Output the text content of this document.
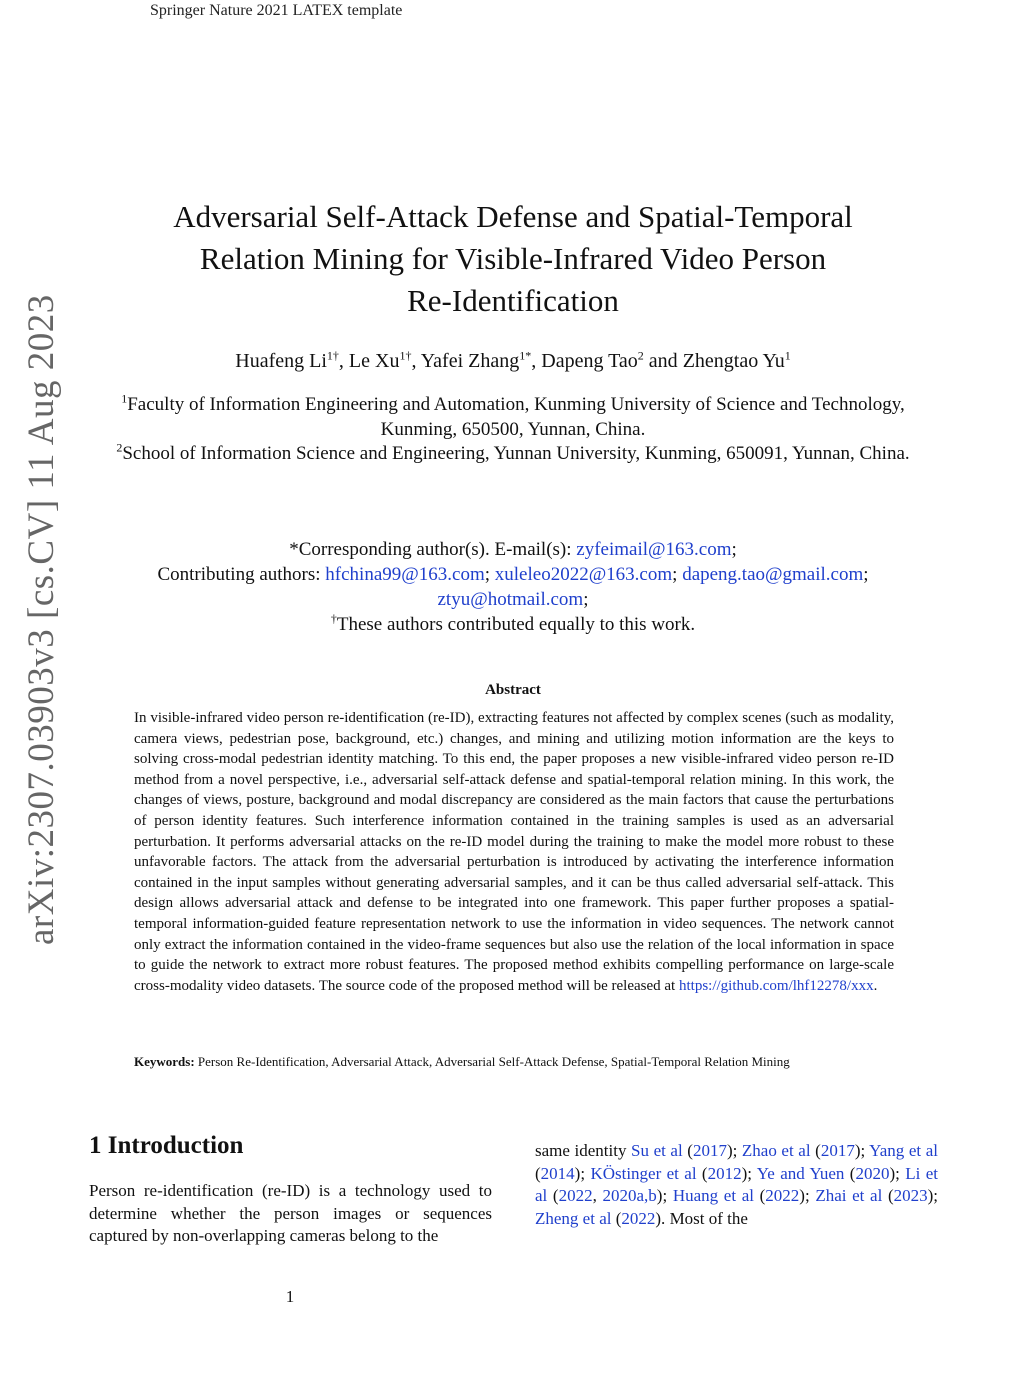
Springer Nature 2021 LATEX template
arXiv:2307.03903v3 [cs.CV] 11 Aug 2023
Adversarial Self-Attack Defense and Spatial-Temporal
Relation Mining for Visible-Infrared Video Person
Re-Identification
Huafeng $Li^{1\dagger}$, Le $Xu^{1\dagger}$, Yafei Zhang$^{1*}$, Dapeng Tao$^2$ and Zhengtao Yu$^1$
$^1$Faculty of Information Engineering and Automation, Kunming University of Science and Technology, Kunming, 650500, Yunnan, China.
$^2$School of Information Science and Engineering, Yunnan University, Kunming, 650091, Yunnan, China.
*Corresponding author(s). E-mail(s): zyfeimail@163.com;
Contributing authors: hfchina99@163.com; xuleleo2022@163.com; dapeng.tao@gmail.com;
ztyu@hotmail.com;
†These authors contributed equally to this work.
Abstract
In visible-infrared video person re-identification (re-ID), extracting features not affected by complex scenes (such as modality, camera views, pedestrian pose, background, etc.) changes, and mining and utilizing motion information are the keys to solving cross-modal pedestrian identity matching. To this end, the paper proposes a new visible-infrared video person re-ID method from a novel perspective, i.e., adversarial self-attack defense and spatial-temporal relation mining. In this work, the changes of views, posture, background and modal discrepancy are considered as the main factors that cause the perturbations of person identity features. Such interference information contained in the training samples is used as an adversarial perturbation. It performs adversarial attacks on the re-ID model during the training to make the model more robust to these unfavorable factors. The attack from the adversarial perturbation is introduced by activating the interference information contained in the input samples without generating adversarial samples, and it can be thus called adversarial self-attack. This design allows adversarial attack and defense to be integrated into one framework. This paper further proposes a spatial-temporal information-guided feature representation network to use the information in video sequences. The network cannot only extract the information contained in the video-frame sequences but also use the relation of the local information in space to guide the network to extract more robust features. The proposed method exhibits compelling performance on large-scale cross-modality video datasets. The source code of the proposed method will be released at https://github.com/lhf12278/xxx.
Keywords: Person Re-Identification, Adversarial Attack, Adversarial Self-Attack Defense, Spatial-Temporal Relation Mining
1 Introduction
Person re-identification (re-ID) is a technology used to determine whether the person images or sequences captured by non-overlapping cameras belong to the
same identity Su et al (2017); Zhao et al (2017); Yang et al (2014); KÖstinger et al (2012); Ye and Yuen (2020); Li et al (2022, 2020a,b); Huang et al (2022); Zhai et al (2023); Zheng et al (2022). Most of the
1
